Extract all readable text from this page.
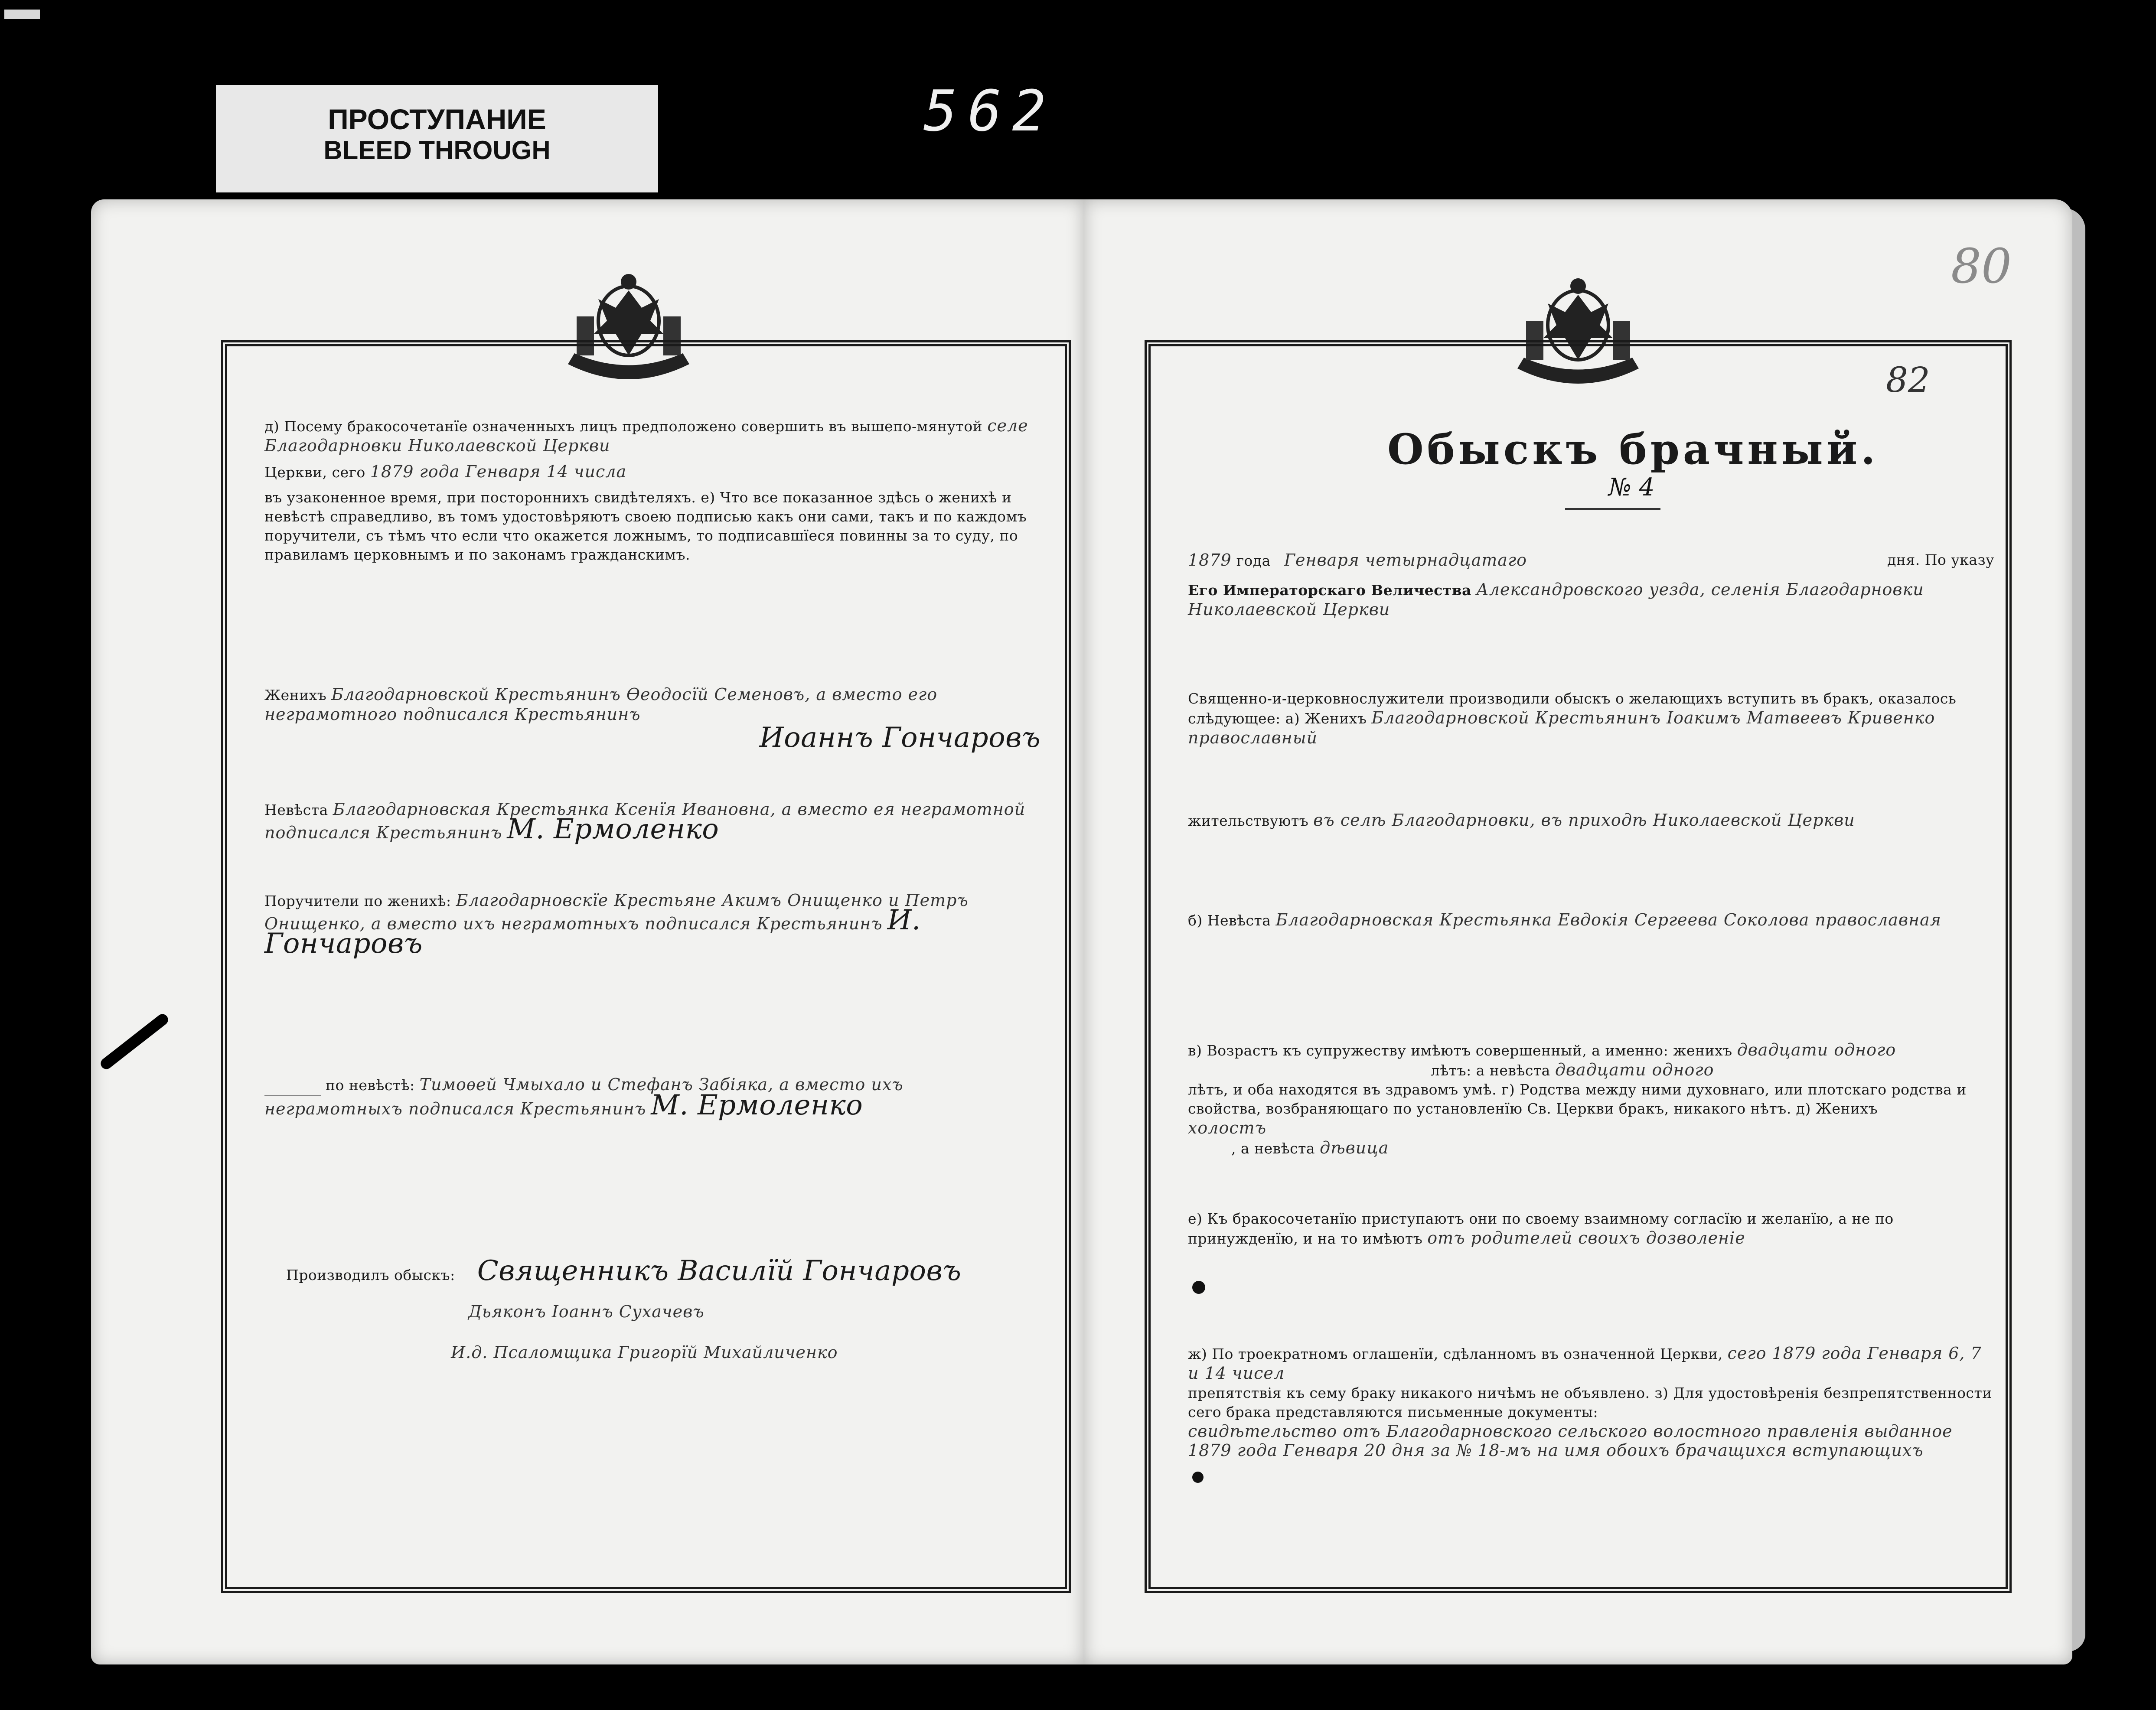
ПРОСТУПАНИЕ
BLEED THROUGH
562
д) Посему бракосочетанїе означенныхъ лицъ предположено совершить въ вышепо-мянутой селе Благодарновки Николаевской Церкви
Церкви, сего 1879 года Генваря 14 числа
въ узаконенное время, при постороннихъ свидѣтеляхъ. е) Что все показанное здѣсь о женихѣ и невѣстѣ справедливо, въ томъ удостовѣряютъ своею подписью какъ они сами, такъ и по каждомъ поручители, съ тѣмъ что если что окажется ложнымъ, то подписавшїеся повинны за то суду, по правиламъ церковнымъ и по законамъ гражданскимъ.
Женихъ Благодарновской Крестьянинъ Ѳеодосїй Семеновъ, а вместо его неграмотного подписался Крестьянинъ
Иоаннъ Гончаровъ
Невѣста Благодарновская Крестьянка Ксенїя Ивановна, а вместо ея неграмотной подписался Крестьянинъ М. Ермоленко
Поручители по женихѣ: Благодарновскїе Крестьяне Акимъ Онищенко и Петръ Онищенко, а вместо ихъ неграмотныхъ подписался Крестьянинъ И. Гончаровъ
по невѣстѣ: Тимоѳей Чмыхало и Стефанъ Забіяка, а вместо ихъ неграмотныхъ подписался Крестьянинъ М. Ермоленко
Производилъ обыскъ: Священникъ Василїй Гончаровъ
Дьяконъ Іоаннъ Сухачевъ
И.д. Псаломщика Григорїй Михайличенко
80
82
Обыскъ брачный.
№ 4
1879 года Генваря четырнадцатаго	дня. По указу
Его Императорскаго Величества Александровского уезда, селенія Благодарновки Николаевской Церкви
Священно-и-церковнослужители производили обыскъ о желающихъ вступить въ бракъ, оказалось слѣдующее: а) Женихъ Благодарновской Крестьянинъ Іоакимъ Матвеевъ Кривенко православный
жительствуютъ въ селѣ Благодарновки, въ приходѣ Николаевской Церкви
б) Невѣста Благодарновская Крестьянка Евдокія Сергеева Соколова православная
в) Возрастъ къ супружеству имѣютъ совершенный, а именно: женихъ двадцати одного
лѣтъ: а невѣста двадцати одного
лѣтъ, и оба находятся въ здравомъ умѣ. г) Родства между ними духовнаго, или плотскаго родства и свойства, возбраняющаго по установленїю Св. Церкви бракъ, никакого нѣтъ. д) Женихъ
холостъ
, а невѣста дѣвица
е) Къ бракосочетанїю приступаютъ они по своему взаимному согласїю и желанїю, а не по принужденїю, и на то имѣютъ отъ родителей своихъ дозволеніе
ж) По троекратномъ оглашенїи, сдѣланномъ въ означенной Церкви, сего 1879 года Генваря 6, 7 и 14 чисел
препятствія къ сему браку никакого ничѣмъ не объявлено. з) Для удостовѣренія безпрепятственности сего брака представляются письменные документы:
свидѣтельство отъ Благодарновского сельского волостного правленія выданное 1879 года Генваря 20 дня за № 18-мъ на имя обоихъ брачащихся вступающихъ
